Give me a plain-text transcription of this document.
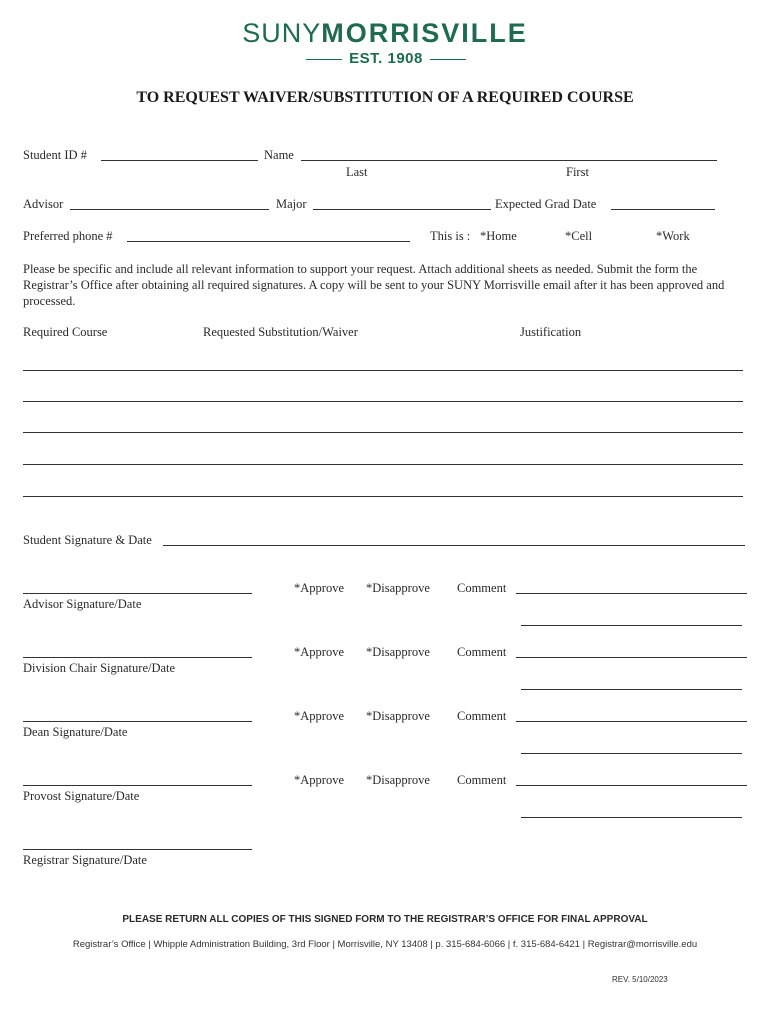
SUNYMORRISVILLE
EST. 1908
TO REQUEST WAIVER/SUBSTITUTION OF A REQUIRED COURSE
Student ID #	Name
Last	First
Advisor	Major	Expected Grad Date
Preferred phone #	This is : *Home	*Cell	*Work
Please be specific and include all relevant information to support your request. Attach additional sheets as needed. Submit the form the Registrar’s Office after obtaining all required signatures. A copy will be sent to your SUNY Morrisville email after it has been approved and processed.
Required Course	Requested Substitution/Waiver	Justification
Student Signature & Date
Advisor Signature/Date
*Approve *Disapprove Comment
Division Chair Signature/Date
*Approve *Disapprove Comment
Dean Signature/Date
*Approve *Disapprove Comment
Provost Signature/Date
*Approve *Disapprove Comment
Registrar Signature/Date
PLEASE RETURN ALL COPIES OF THIS SIGNED FORM TO THE REGISTRAR’S OFFICE FOR FINAL APPROVAL
Registrar’s Office | Whipple Administration Building, 3rd Floor | Morrisville, NY 13408 | p. 315-684-6066 | f. 315-684-6421 | Registrar@morrisville.edu
REV. 5/10/2023
